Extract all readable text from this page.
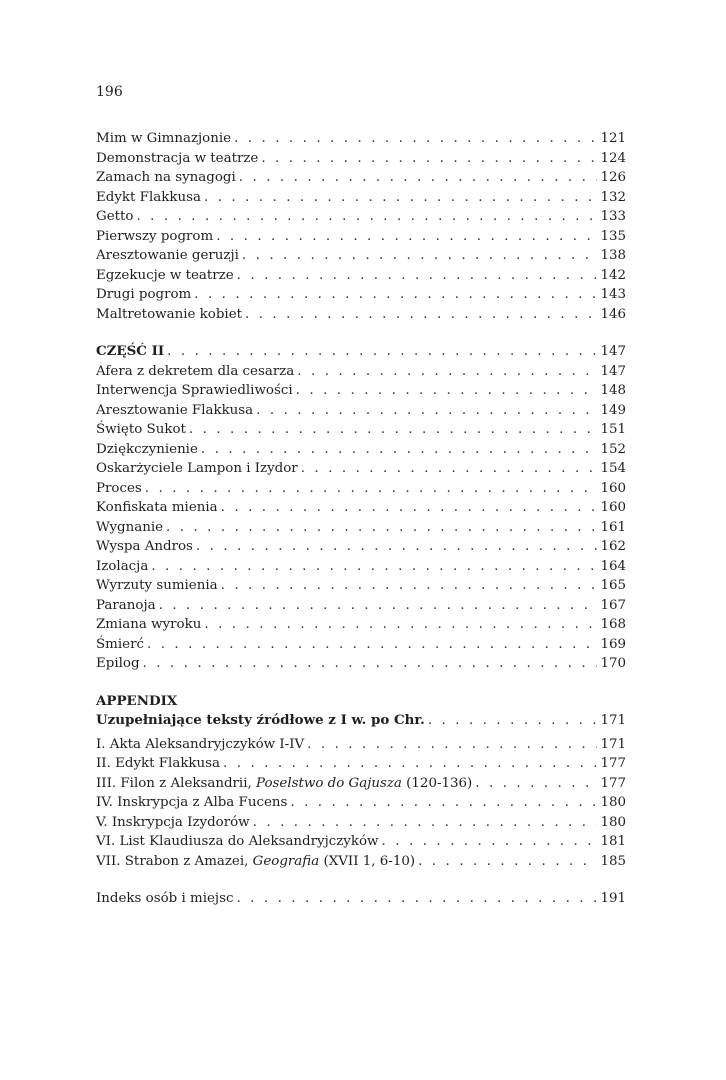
196
Mim w Gimnazjonie . . .	121
Demonstracja w teatrze . . .	124
Zamach na synagogi . . .	126
Edykt Flakkusa . . .	132
Getto . . .	133
Pierwszy pogrom . . .	135
Aresztowanie geruzji . . .	138
Egzekucje w teatrze . . .	142
Drugi pogrom . . .	143
Maltretowanie kobiet . . .	146
CZĘŚĆ II . . .	147
Afera z dekretem dla cesarza . . .	147
Interwencja Sprawiedliwości . . .	148
Aresztowanie Flakkusa . . .	149
Święto Sukot . . .	151
Dziękczynienie . . .	152
Oskarżyciele Lampon i Izydor . . .	154
Proces . . .	160
Konfiskata mienia . . .	160
Wygnanie . . .	161
Wyspa Andros . . .	162
Izolacja . . .	164
Wyrzuty sumienia . . .	165
Paranoja . . .	167
Zmiana wyroku . . .	168
Śmierć . . .	169
Epilog . . .	170
APPENDIX
Uzupełniające teksty źródłowe z I w. po Chr. . . .	171
I. Akta Aleksandryjczyków I-IV . . .	171
II. Edykt Flakkusa . . .	177
III. Filon z Aleksandrii, Poselstwo do Gajusza (120-136) . . .	177
IV. Inskrypcja z Alba Fucens . . .	180
V. Inskrypcja Izydorów . . .	180
VI. List Klaudiusza do Aleksandryjczyków . . .	181
VII. Strabon z Amazei, Geografia (XVII 1, 6-10) . . .	185
Indeks osób i miejsc . . .	191
